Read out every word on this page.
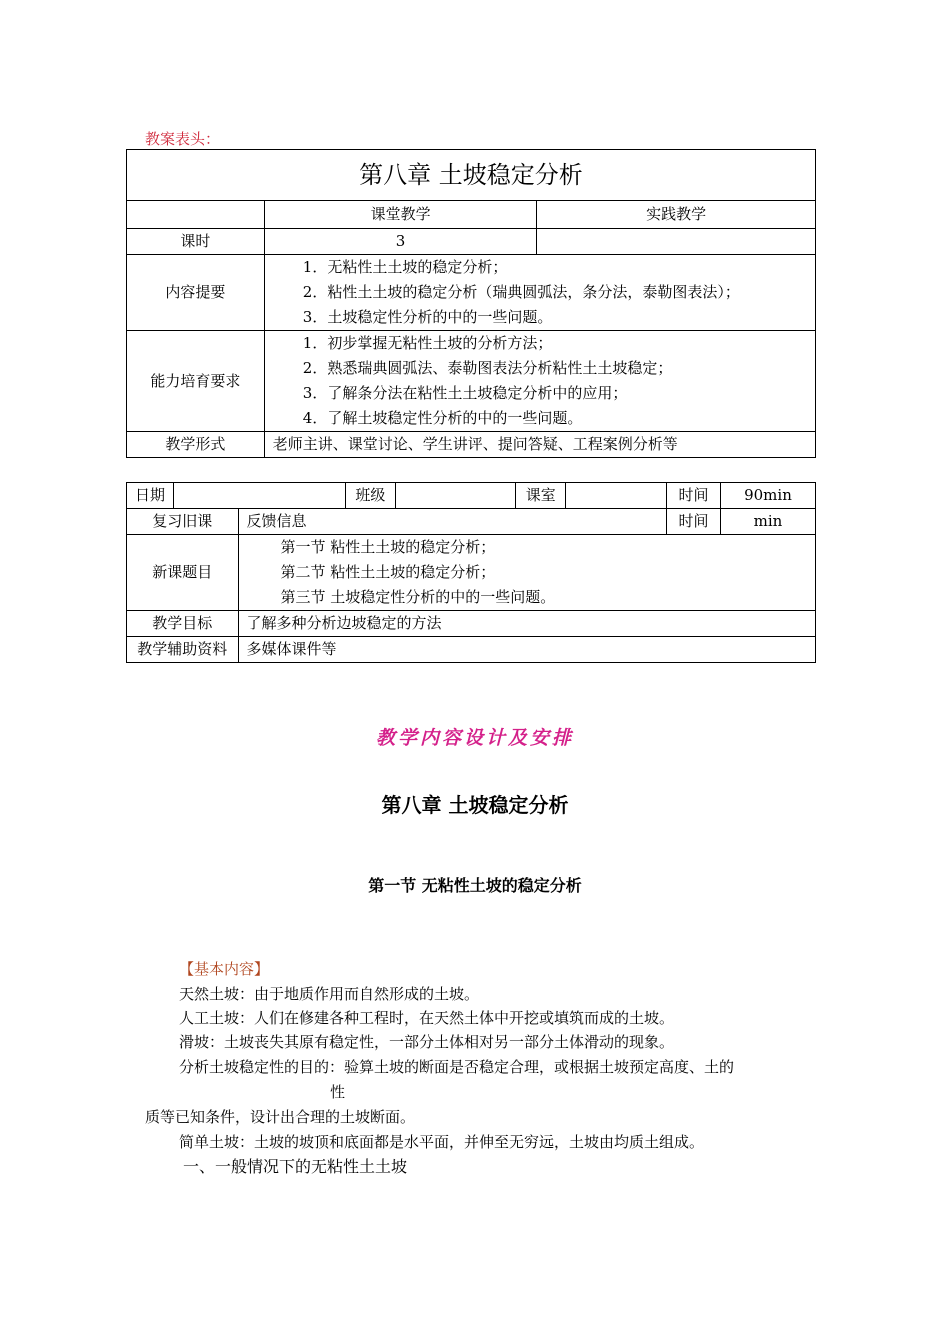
教案表头：
第八章 土坡稳定分析		
	课堂教学	实践教学
课时	3	
内容提要	1．无粘性土土坡的稳定分析；
2．粘性土土坡的稳定分析（瑞典圆弧法，条分法，泰勒图表法）；
3．土坡稳定性分析的中的一些问题。	

能力培育要求	1．初步掌握无粘性土坡的分析方法；
2．熟悉瑞典圆弧法、泰勒图表法分析粘性土土坡稳定；
3．了解条分法在粘性土土坡稳定分析中的应用；
4．了解土坡稳定性分析的中的一些问题。	

教学形式	老师主讲、课堂讨论、学生讲评、提问答疑、工程案例分析等	
日期			班级		课室		时间	90min
复习旧课		反馈信息					时间	min
新课题目		第一节 粘性土土坡的稳定分析；
第二节 粘性土土坡的稳定分析；
第三节 土坡稳定性分析的中的一些问题。						

教学目标		了解多种分析边坡稳定的方法						
教学辅助资料		多媒体课件等						
教学内容设计及安排
第八章 土坡稳定分析
第一节 无粘性土坡的稳定分析
【基本内容】
天然土坡：由于地质作用而自然形成的土坡。
人工土坡：人们在修建各种工程时，在天然土体中开挖或填筑而成的土坡。
滑坡：土坡丧失其原有稳定性，一部分土体相对另一部分土体滑动的现象。
分析土坡稳定性的目的：验算土坡的断面是否稳定合理，或根据土坡预定高度、土的
性
质等已知条件，设计出合理的土坡断面。
简单土坡：土坡的坡顶和底面都是水平面，并伸至无穷远，土坡由均质土组成。
一、一般情况下的无粘性土土坡
